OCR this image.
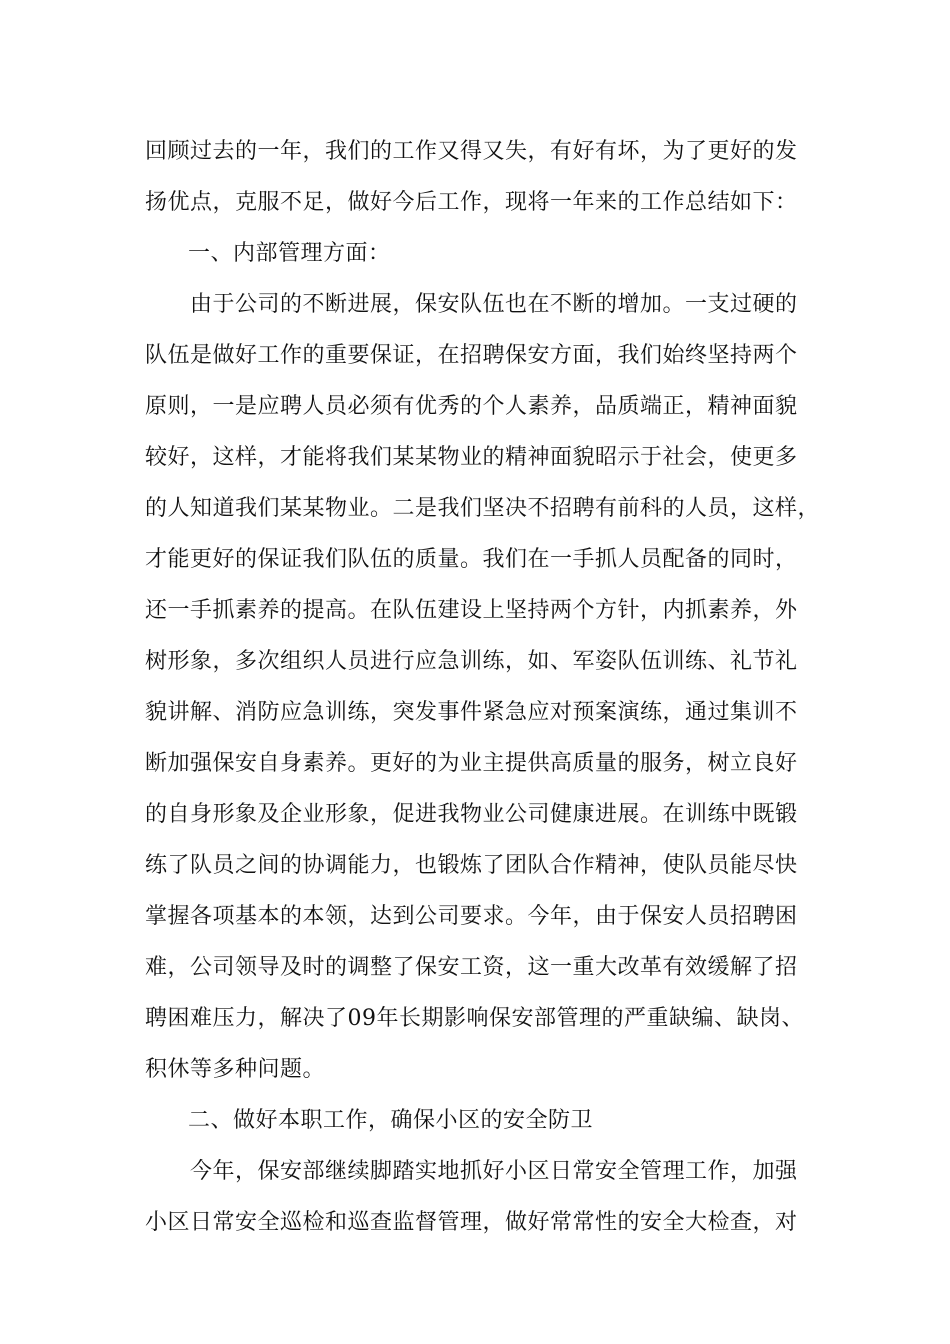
回顾过去的一年，我们的工作又得又失，有好有坏，为了更好的发
扬优点，克服不足，做好今后工作，现将一年来的工作总结如下：
一、内部管理方面：
由于公司的不断进展，保安队伍也在不断的增加。一支过硬的
队伍是做好工作的重要保证，在招聘保安方面，我们始终坚持两个
原则，一是应聘人员必须有优秀的个人素养，品质端正，精神面貌
较好，这样，才能将我们某某物业的精神面貌昭示于社会，使更多
的人知道我们某某物业。二是我们坚决不招聘有前科的人员，这样，
才能更好的保证我们队伍的质量。我们在一手抓人员配备的同时，
还一手抓素养的提高。在队伍建设上坚持两个方针，内抓素养，外
树形象，多次组织人员进行应急训练，如、军姿队伍训练、礼节礼
貌讲解、消防应急训练，突发事件紧急应对预案演练，通过集训不
断加强保安自身素养。更好的为业主提供高质量的服务，树立良好
的自身形象及企业形象，促进我物业公司健康进展。在训练中既锻
练了队员之间的协调能力，也锻炼了团队合作精神，使队员能尽快
掌握各项基本的本领，达到公司要求。今年，由于保安人员招聘困
难，公司领导及时的调整了保安工资，这一重大改革有效缓解了招
聘困难压力，解决了09年长期影响保安部管理的严重缺编、缺岗、
积休等多种问题。
二、做好本职工作，确保小区的安全防卫
今年，保安部继续脚踏实地抓好小区日常安全管理工作，加强
小区日常安全巡检和巡查监督管理，做好常常性的安全大检查，对
